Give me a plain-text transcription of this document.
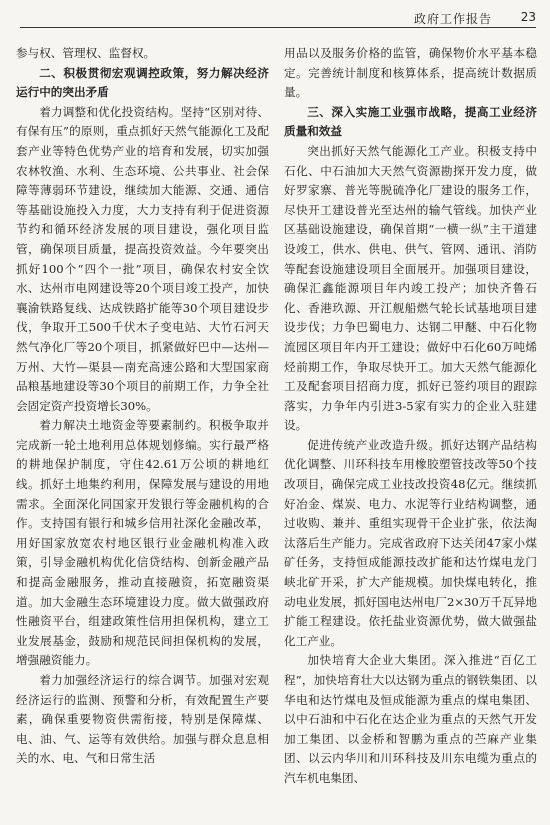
政府工作报告 23

参与权、管理权、监督权。

二、积极贯彻宏观调控政策，努力解决经济运行中的突出矛盾

着力调整和优化投资结构。坚持“区别对待、有保有压”的原则，重点抓好天然气能源化工及配套产业等特色优势产业的培育和发展，切实加强农林牧渔、水利、生态环境、公共事业、社会保障等薄弱环节建设，继续加大能源、交通、通信等基础设施投入力度，大力支持有利于促进资源节约和循环经济发展的项目建设，强化项目监管，确保项目质量，提高投资效益。今年要突出抓好100个“四个一批”项目，确保农村安全饮水、达州市电网建设等20个项目竣工投产，加快襄渝铁路复线、达成铁路扩能等30个项目建设步伐，争取开工500千伏木子变电站、大竹石河天然气净化厂等20个项目，抓紧做好巴中—达州—万州、大竹—渠县—南充高速公路和大型国家商品粮基地建设等30个项目的前期工作，力争全社会固定资产投资增长30%。

着力解决土地资金等要素制约。积极争取并完成新一轮土地利用总体规划修编。实行最严格的耕地保护制度，守住42.61万公顷的耕地红线。抓好土地集约利用，保障发展与建设的用地需求。全面深化同国家开发银行等金融机构的合作。支持国有银行和城乡信用社深化金融改革，用好国家放宽农村地区银行业金融机构准入政策，引导金融机构优化信贷结构、创新金融产品和提高金融服务，推动直接融资，拓宽融资渠道。加大金融生态环境建设力度。做大做强政府性融资平台，组建政策性信用担保机构，建立工业发展基金，鼓励和规范民间担保机构的发展，增强融资能力。

着力加强经济运行的综合调节。加强对宏观经济运行的监测、预警和分析，有效配置生产要素，确保重要物资供需衔接，特别是保障煤、电、油、气、运等有效供给。加强与群众息息相关的水、电、气和日常生活

用品以及服务价格的监管，确保物价水平基本稳定。完善统计制度和核算体系，提高统计数据质量。

三、深入实施工业强市战略，提高工业经济质量和效益

突出抓好天然气能源化工产业。积极支持中石化、中石油加大天然气资源勘探开发力度，做好罗家寨、普光等脱硫净化厂建设的服务工作，尽快开工建设普光至达州的输气管线。加快产业区基础设施建设，确保首期“一横一纵”主干道建设竣工，供水、供电、供气、管网、通讯、消防等配套设施建设项目全面展开。加强项目建设，确保汇鑫能源项目年内竣工投产；加快齐鲁石化、香港玖源、开江舰船燃气轮长试基地项目建设步伐；力争巴蜀电力、达钢二甲醚、中石化物流园区项目年内开工建设；做好中石化60万吨烯烃前期工作，争取尽快开工。加大天然气能源化工及配套项目招商力度，抓好已签约项目的跟踪落实，力争年内引进3-5家有实力的企业入驻建设。

促进传统产业改造升级。抓好达钢产品结构优化调整、川环科技车用橡胶塑管技改等50个技改项目，确保完成工业技改投资48亿元。继续抓好冶金、煤炭、电力、水泥等行业结构调整，通过收购、兼并、重组实现骨干企业扩张，依法淘汰落后生产能力。完成省政府下达关闭47家小煤矿任务，支持恒成能源技改扩能和达竹煤电龙门峡北矿开采，扩大产能规模。加快煤电转化，推动电业发展，抓好国电达州电厂2×30万千瓦异地扩能工程建设。依托盐业资源优势，做大做强盐化工产业。

加快培育大企业大集团。深入推进“百亿工程”，加快培育壮大以达钢为重点的钢铁集团、以华电和达竹煤电及恒成能源为重点的煤电集团、以中石油和中石化在达企业为重点的天然气开发加工集团、以金桥和智鹏为重点的苎麻产业集团、以云内华川和川环科技及川东电缆为重点的汽车机电集团、
